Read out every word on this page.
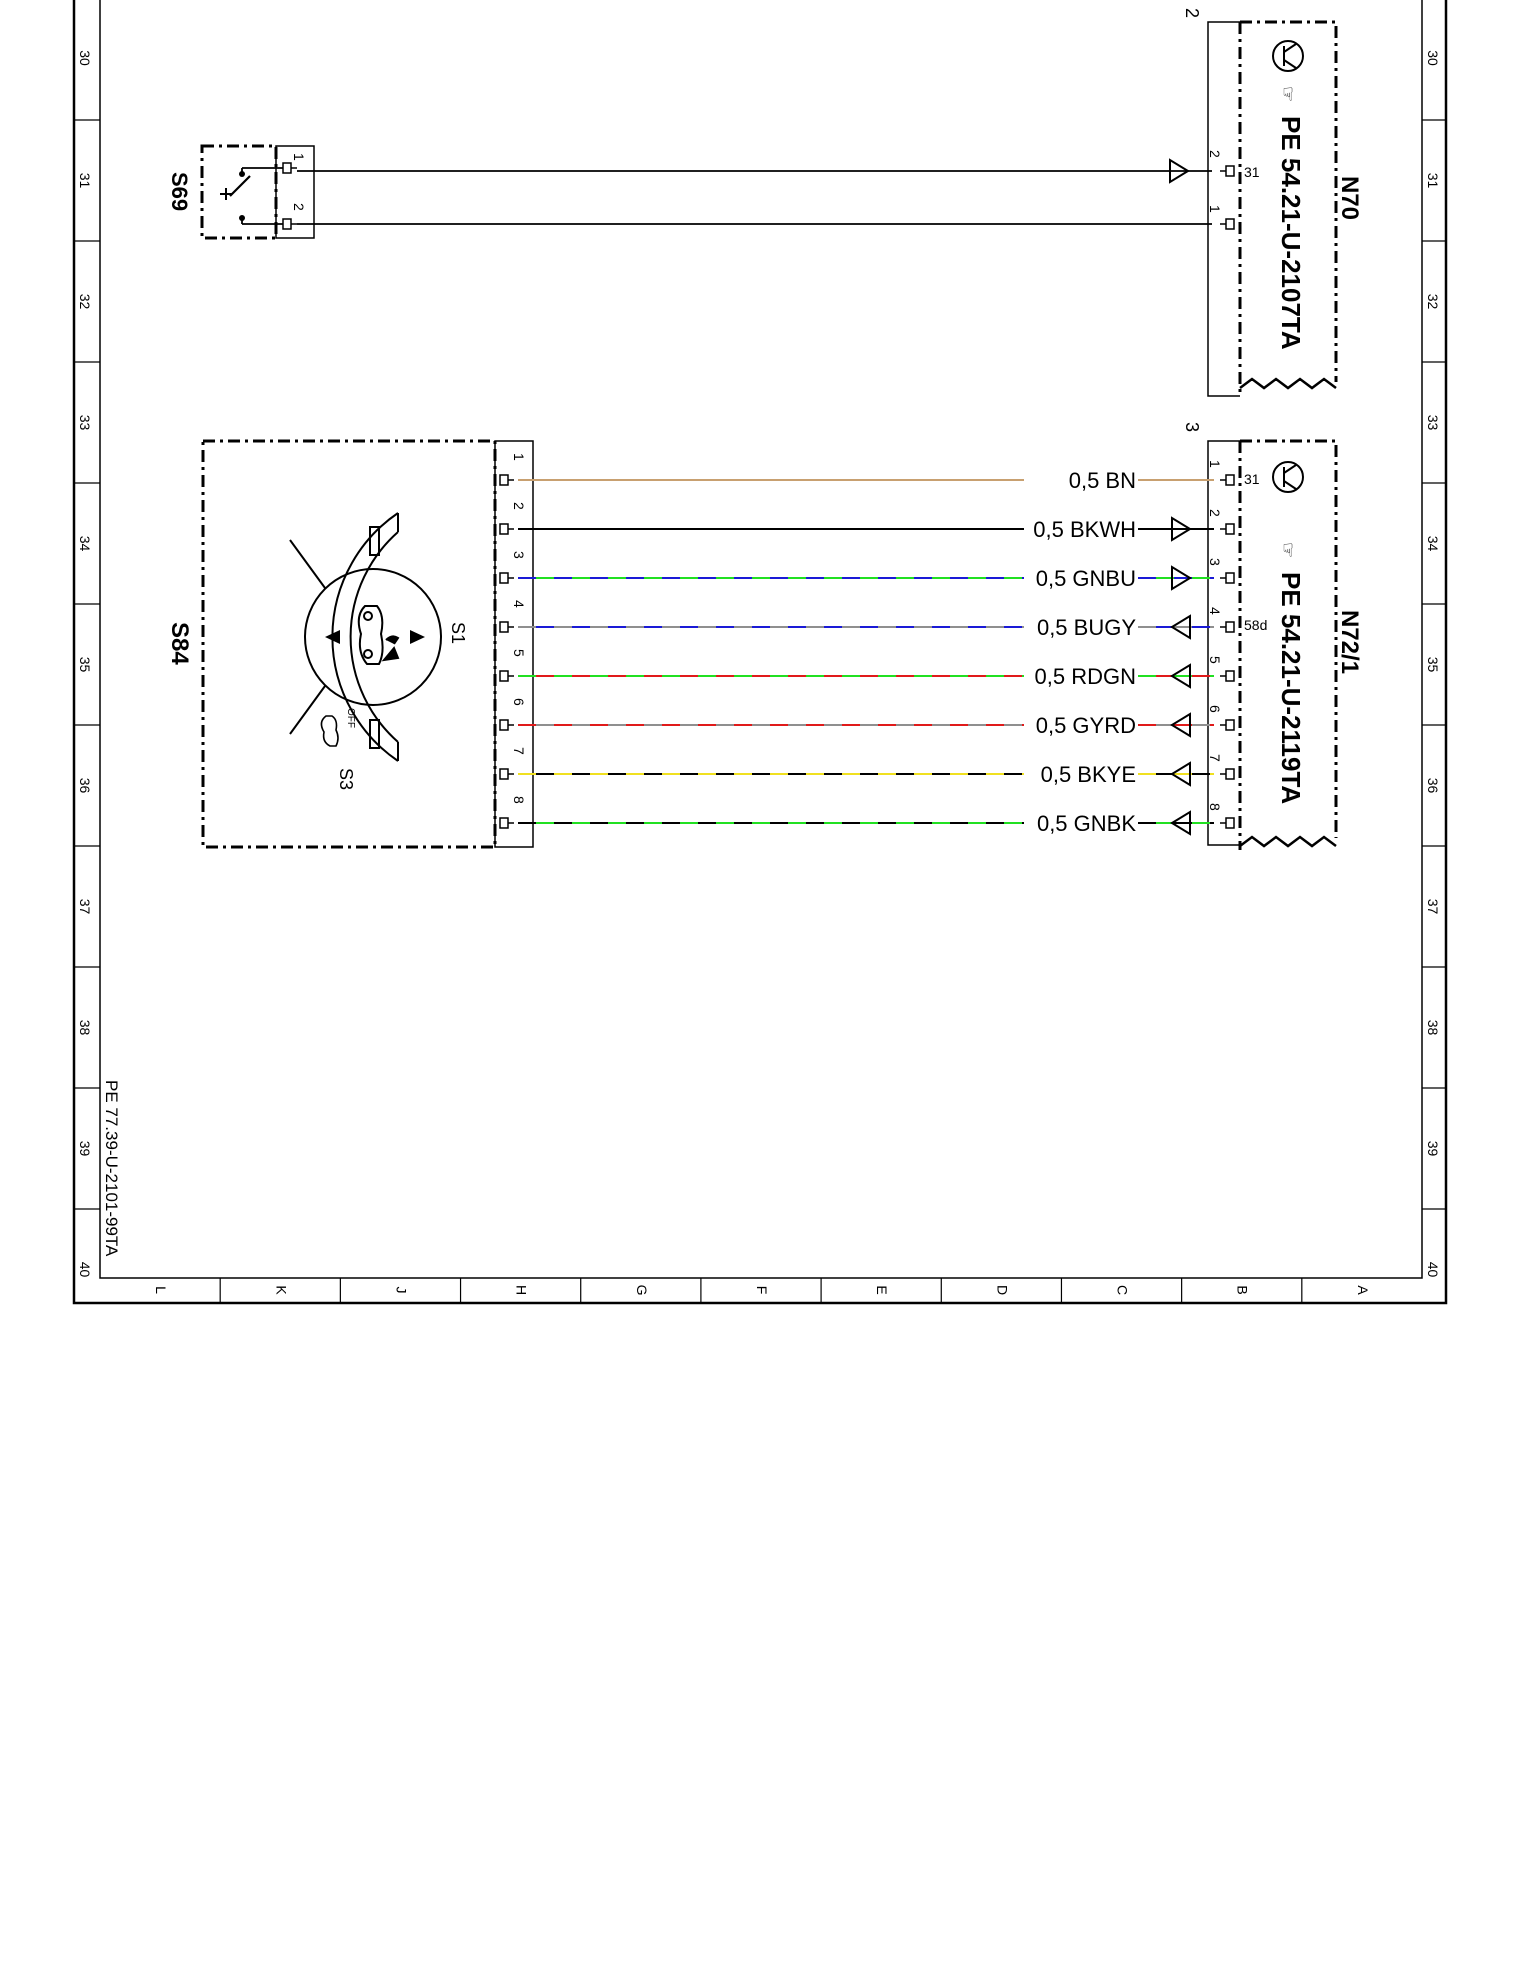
30
31
32
33
34
35
36
37
38
39
40
30
31
32
33
34
35
36
37
38
39
40
L	K	J	H	G	F	E	D	C	B	A
PE 77.39-U-2101-99TA
1
2
S69
2
2
1
31
☞
PE 54.21-U-2107TA N70
S84
OFF
S1
S3
3
☞
PE 54.21-U-2119TA N72/1
31
58d
0,5 BN
1
1
0,5 BKWH
2
2
0,5 GNBU
3
3
0,5 BUGY
4
4
0,5 RDGN
5
5
0,5 GYRD
6
6
0,5 BKYE
7
7
0,5 GNBK
8
8
